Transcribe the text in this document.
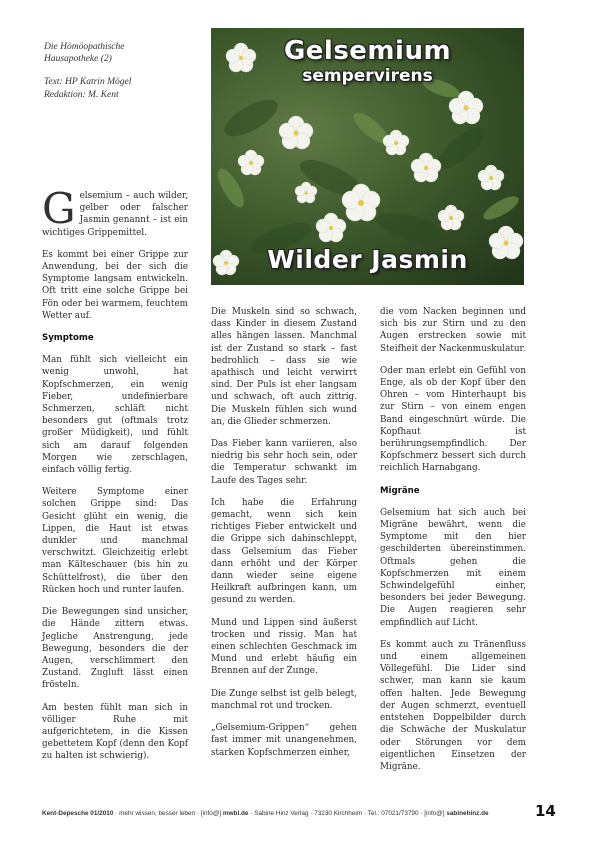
Die Hömöopathische
Hausapotheke (2)

Text: HP Katrin Mögel
Redaktion: M. Kent

Gelsemium
sempervirens
Wilder Jasmin

Gelsemium – auch wilder, gelber oder falscher Jasmin genannt – ist ein wichtiges Grippemittel.

Es kommt bei einer Grippe zur Anwendung, bei der sich die Symptome langsam entwickeln. Oft tritt eine solche Grippe bei Fön oder bei warmem, feuchtem Wetter auf.

Symptome

Man fühlt sich vielleicht ein wenig unwohl, hat Kopfschmerzen, ein wenig Fieber, undefinierbare Schmerzen, schläft nicht besonders gut (oftmals trotz großer Müdigkeit), und fühlt sich am darauf folgenden Morgen wie zerschlagen, einfach völlig fertig.

Weitere Symptome einer solchen Grippe sind: Das Gesicht glüht ein wenig, die Lippen, die Haut ist etwas dunkler und manchmal verschwitzt. Gleichzeitig erlebt man Kälteschauer (bis hin zu Schüttelfrost), die über den Rücken hoch und runter laufen.

Die Bewegungen sind unsicher, die Hände zittern etwas. Jegliche Anstrengung, jede Bewegung, besonders die der Augen, verschlimmert den Zustand. Zugluft lässt einen frösteln.

Am besten fühlt man sich in völliger Ruhe mit aufgerichtetem, in die Kissen gebettetem Kopf (denn den Kopf zu halten ist schwierig).

Die Muskeln sind so schwach, dass Kinder in diesem Zustand alles hängen lassen. Manchmal ist der Zustand so stark – fast bedrohlich – dass sie wie apathisch und leicht verwirrt sind. Der Puls ist eher langsam und schwach, oft auch zittrig. Die Muskeln fühlen sich wund an, die Glieder schmerzen.

Das Fieber kann variieren, also niedrig bis sehr hoch sein, oder die Temperatur schwankt im Laufe des Tages sehr.

Ich habe die Erfahrung gemacht, wenn sich kein richtiges Fieber entwickelt und die Grippe sich dahinschleppt, dass Gelsemium das Fieber dann erhöht und der Körper dann wieder seine eigene Heilkraft aufbringen kann, um gesund zu werden.

Mund und Lippen sind äußerst trocken und rissig. Man hat einen schlechten Geschmack im Mund und erlebt häufig ein Brennen auf der Zunge.

Die Zunge selbst ist gelb belegt, manchmal rot und trocken.

„Gelsemium-Grippen“ gehen fast immer mit unangenehmen, starken Kopfschmerzen einher,

die vom Nacken beginnen und sich bis zur Stirn und zu den Augen erstrecken sowie mit Steifheit der Nackenmuskulatur.

Oder man erlebt ein Gefühl von Enge, als ob der Kopf über den Ohren – vom Hinterhaupt bis zur Stirn – von einem engen Band eingeschnürt würde. Die Kopfhaut ist berührungsempfindlich. Der Kopfschmerz bessert sich durch reichlich Harnabgang.

Migräne

Gelsemium hat sich auch bei Migräne bewährt, wenn die Symptome mit den hier geschilderten übereinstimmen. Oftmals gehen die Kopfschmerzen mit einem Schwindelgefühl einher, besonders bei jeder Bewegung. Die Augen reagieren sehr empfindlich auf Licht.

Es kommt auch zu Tränenfluss und einem allgemeinen Völlegefühl. Die Lider sind schwer, man kann sie kaum offen halten. Jede Bewegung der Augen schmerzt, eventuell entstehen Doppelbilder durch die Schwäche der Muskulatur oder Störungen vor dem eigentlichen Einsetzen der Migräne.

Kent-Depesche 01/2010 · mehr wissen, besser leben · [info@] mwbl.de · Sabine Hinz Verlag · 73230 Kirchheim · Tel.: 07021/73790 · [info@] sabinehinz.de	14
